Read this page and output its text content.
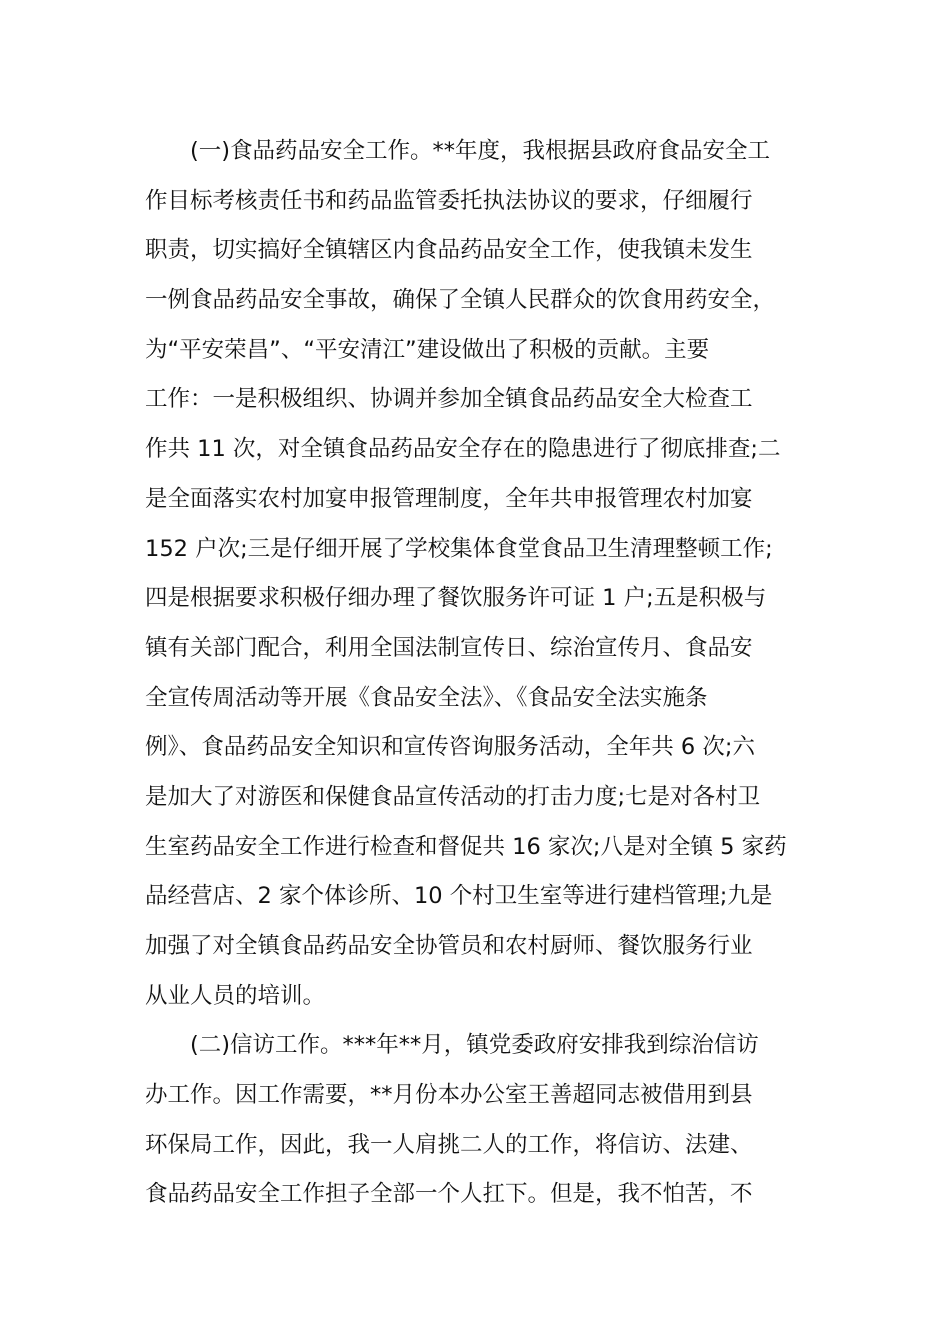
(一)食品药品安全工作。**年度，我根据县政府食品安全工
作目标考核责任书和药品监管委托执法协议的要求，仔细履行
职责，切实搞好全镇辖区内食品药品安全工作，使我镇未发生
一例食品药品安全事故，确保了全镇人民群众的饮食用药安全，
为“平安荣昌”、“平安清江”建设做出了积极的贡献。主要
工作：一是积极组织、协调并参加全镇食品药品安全大检查工
作共 11 次，对全镇食品药品安全存在的隐患进行了彻底排查;二
是全面落实农村加宴申报管理制度，全年共申报管理农村加宴
152 户次;三是仔细开展了学校集体食堂食品卫生清理整顿工作;
四是根据要求积极仔细办理了餐饮服务许可证 1 户;五是积极与
镇有关部门配合，利用全国法制宣传日、综治宣传月、食品安
全宣传周活动等开展《食品安全法》、《食品安全法实施条
例》、食品药品安全知识和宣传咨询服务活动，全年共 6 次;六
是加大了对游医和保健食品宣传活动的打击力度;七是对各村卫
生室药品安全工作进行检查和督促共 16 家次;八是对全镇 5 家药
品经营店、2 家个体诊所、10 个村卫生室等进行建档管理;九是
加强了对全镇食品药品安全协管员和农村厨师、餐饮服务行业
从业人员的培训。
(二)信访工作。***年**月，镇党委政府安排我到综治信访
办工作。因工作需要，**月份本办公室王善超同志被借用到县
环保局工作，因此，我一人肩挑二人的工作，将信访、法建、
食品药品安全工作担子全部一个人扛下。但是，我不怕苦，不
